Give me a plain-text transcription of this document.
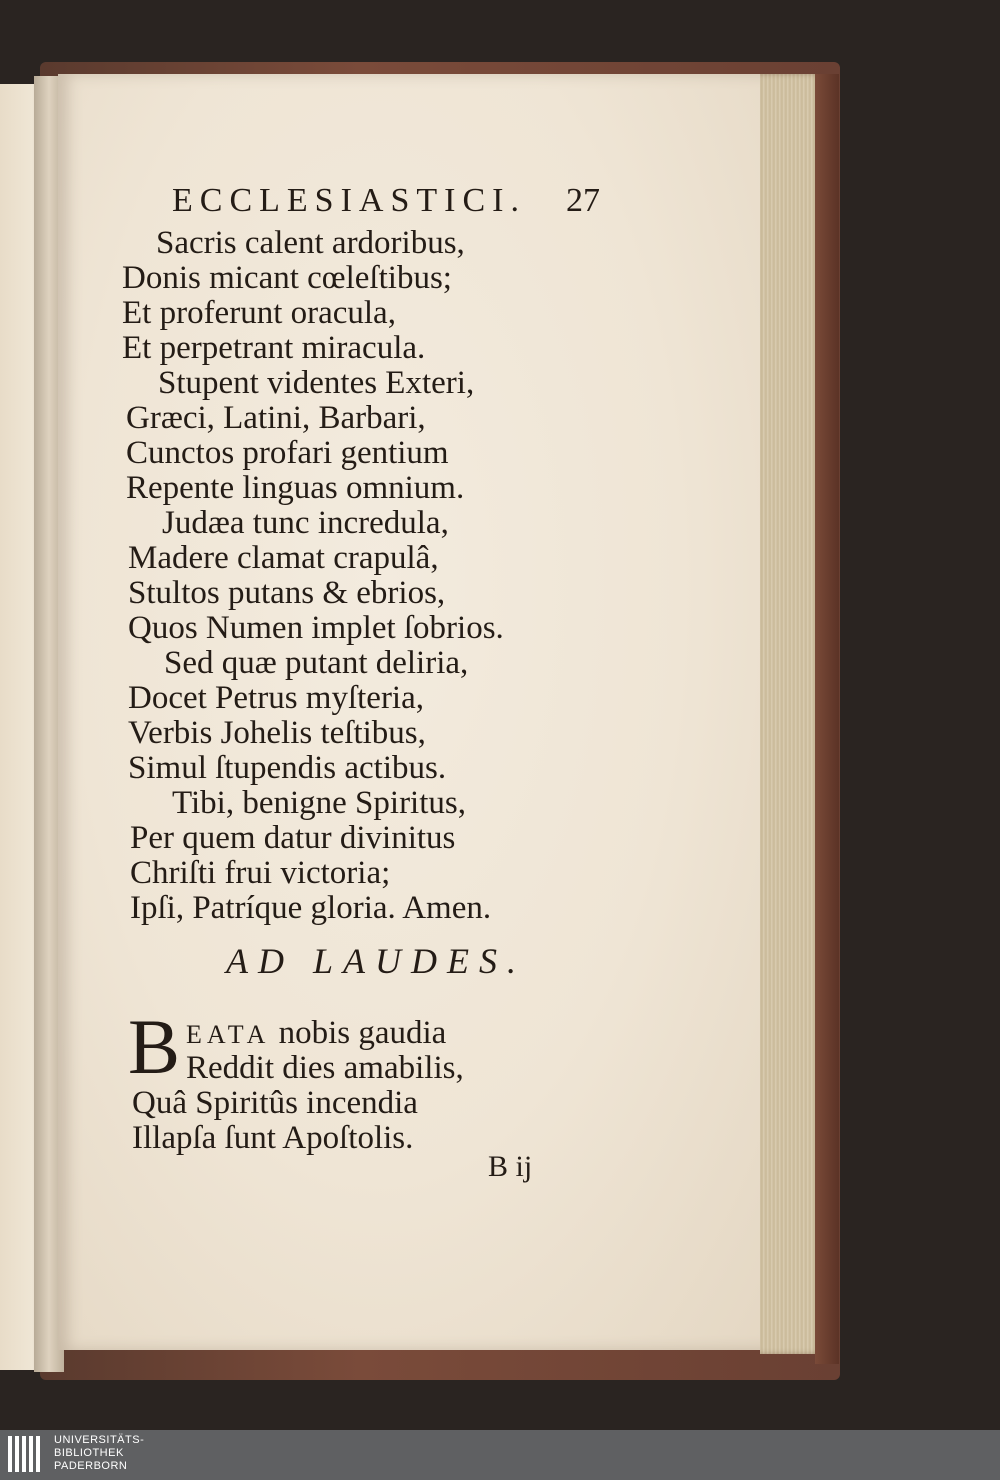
ECCLESIASTICI. 27
Sacris calent ardoribus,
Donis micant cœleſtibus;
Et proferunt oracula,
Et perpetrant miracula.
Stupent videntes Exteri,
Græci, Latini, Barbari,
Cunctos profari gentium
Repente linguas omnium.
Judæa tunc incredula,
Madere clamat crapulâ,
Stultos putans & ebrios,
Quos Numen implet ſobrios.
Sed quæ putant deliria,
Docet Petrus myſteria,
Verbis Johelis teſtibus,
Simul ſtupendis actibus.
Tibi, benigne Spiritus,
Per quem datur divinitus
Chriſti frui victoria;
Ipſi, Patríque gloria. Amen.
AD LAUDES.
B EATA nobis gaudia
Reddit dies amabilis,
Quâ Spiritûs incendia
Illapſa ſunt Apoſtolis.
B ij
UNIVERSITÄTS-
BIBLIOTHEK
PADERBORN
